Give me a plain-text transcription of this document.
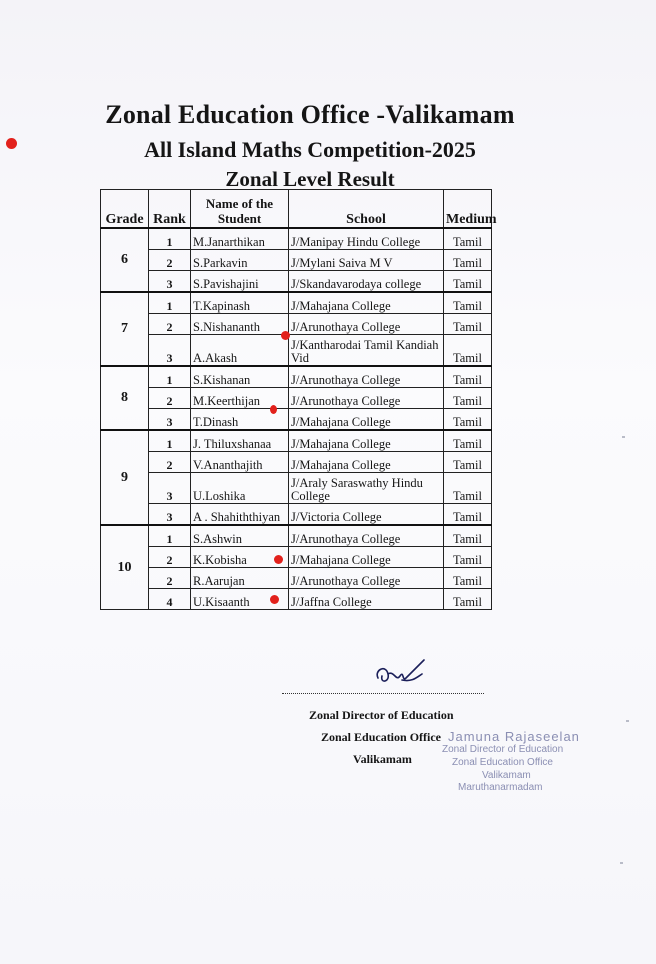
Zonal Education Office -Valikamam
All Island Maths Competition-2025
Zonal Level Result
Grade	Rank	Name of the Student	School	Medium
6	1	M.Janarthikan	J/Manipay Hindu College	Tamil
	2	S.Parkavin	J/Mylani Saiva M V	Tamil
	3	S.Pavishajini	J/Skandavarodaya college	Tamil
7	1	T.Kapinash	J/Mahajana College	Tamil
	2	S.Nishananth	J/Arunothaya College	Tamil
	3	A.Akash	J/Kantharodai Tamil Kandiah Vid	Tamil
8	1	S.Kishanan	J/Arunothaya College	Tamil
	2	M.Keerthijan	J/Arunothaya College	Tamil
	3	T.Dinash	J/Mahajana College	Tamil
9	1	J. Thiluxshanaa	J/Mahajana College	Tamil
	2	V.Ananthajith	J/Mahajana College	Tamil
	3	U.Loshika	J/Araly Saraswathy Hindu College	Tamil
	3	A . Shahiththiyan	J/Victoria College	Tamil
10	1	S.Ashwin	J/Arunothaya College	Tamil
	2	K.Kobisha	J/Mahajana College	Tamil
	2	R.Aarujan	J/Arunothaya College	Tamil
	4	U.Kisaanth	J/Jaffna College	Tamil
Zonal Director of Education
Zonal Education Office
Valikamam
Jamuna Rajaseelan
Zonal Director of Education
Zonal Education Office
Valikamam
Maruthanarmadam
